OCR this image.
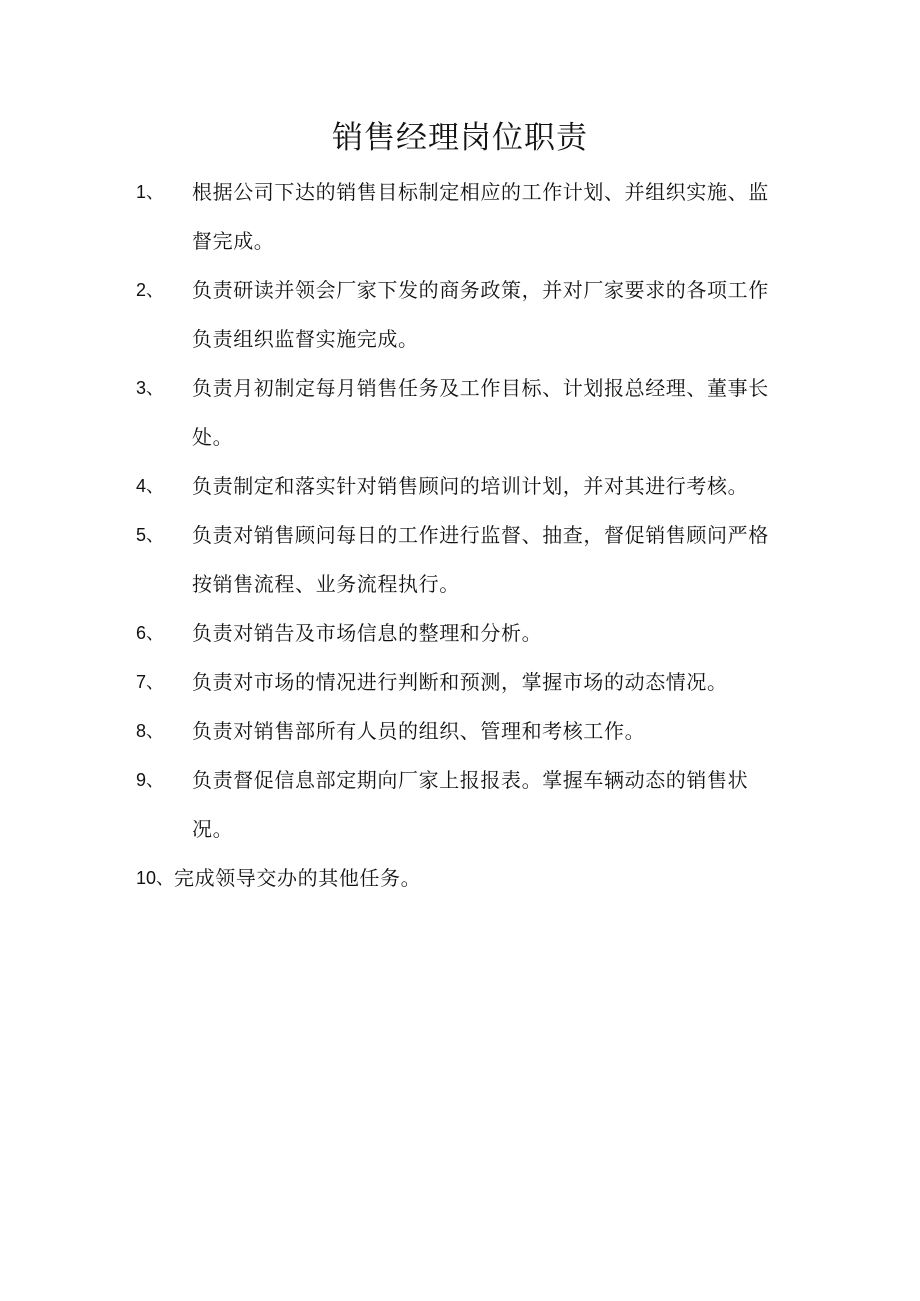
销售经理岗位职责
1、	根据公司下达的销售目标制定相应的工作计划、并组织实施、监督完成。
2、	负责研读并领会厂家下发的商务政策，并对厂家要求的各项工作负责组织监督实施完成。
3、	负责月初制定每月销售任务及工作目标、计划报总经理、董事长处。
4、	负责制定和落实针对销售顾问的培训计划，并对其进行考核。
5、	负责对销售顾问每日的工作进行监督、抽查，督促销售顾问严格按销售流程、业务流程执行。
6、	负责对销告及市场信息的整理和分析。
7、	负责对市场的情况进行判断和预测，掌握市场的动态情况。
8、	负责对销售部所有人员的组织、管理和考核工作。
9、	负责督促信息部定期向厂家上报报表。掌握车辆动态的销售状况。
10、 完成领导交办的其他任务。
